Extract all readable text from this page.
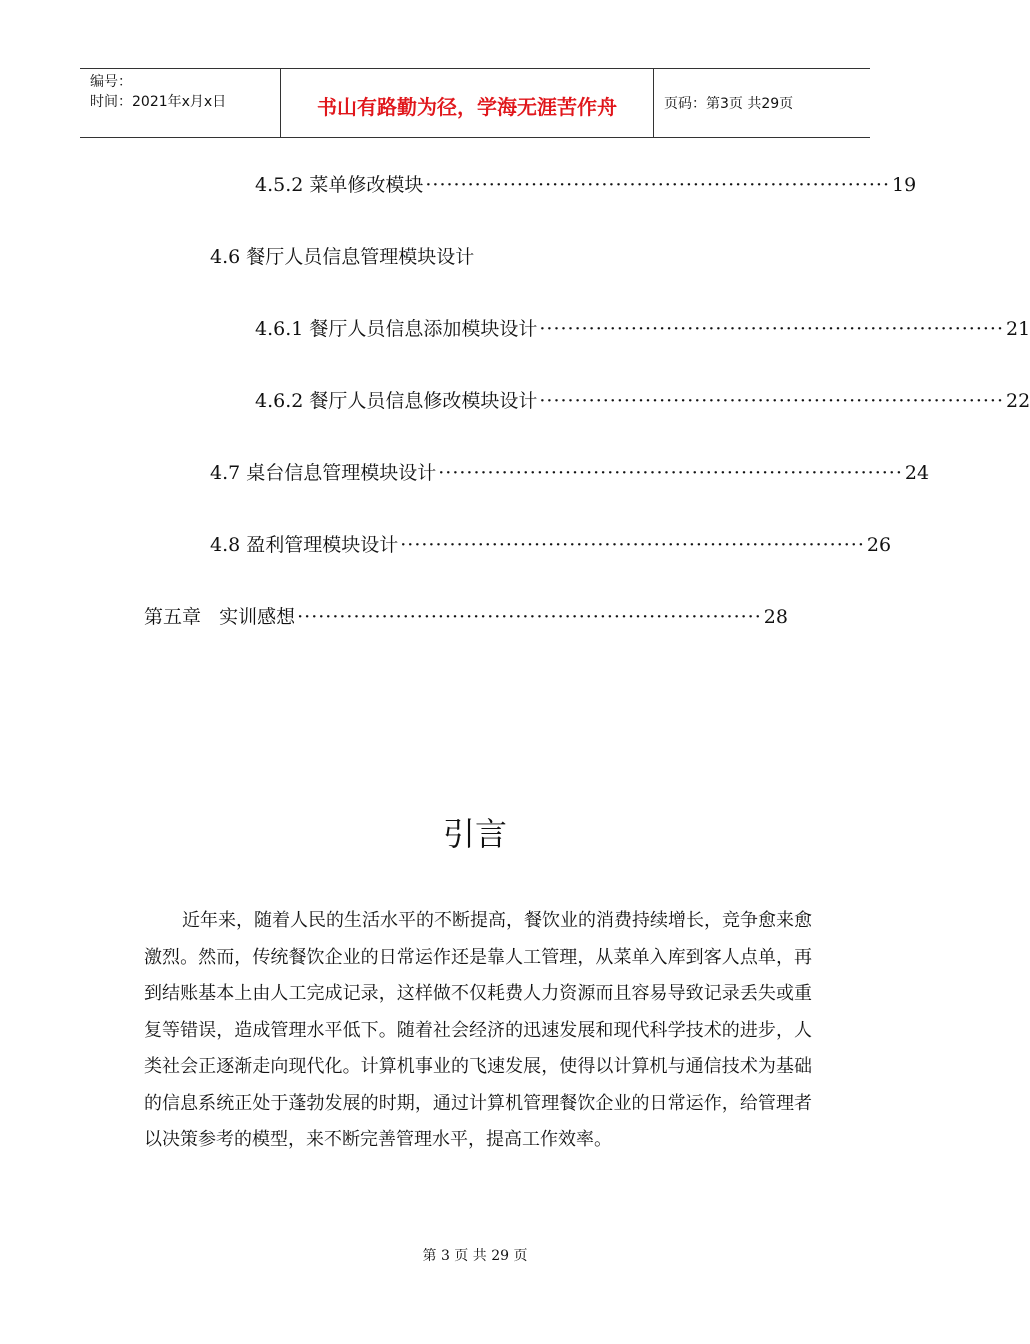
编号：
时间：2021年x月x日	书山有路勤为径，学海无涯苦作舟	页码：第3页 共29页
4.5.2 菜单修改模块 ·································································· 19
4.6 餐厅人员信息管理模块设计
4.6.1 餐厅人员信息添加模块设计 ·································································· 21
4.6.2 餐厅人员信息修改模块设计 ·································································· 22
4.7 桌台信息管理模块设计 ·································································· 24
4.8 盈利管理模块设计 ·································································· 26
第五章   实训感想 ·································································· 28
引言
近年来，随着人民的生活水平的不断提高，餐饮业的消费持续增长，竞争愈来愈激烈。然而，传统餐饮企业的日常运作还是靠人工管理，从菜单入库到客人点单，再到结账基本上由人工完成记录，这样做不仅耗费人力资源而且容易导致记录丢失或重复等错误，造成管理水平低下。随着社会经济的迅速发展和现代科学技术的进步，人类社会正逐渐走向现代化。计算机事业的飞速发展，使得以计算机与通信技术为基础的信息系统正处于蓬勃发展的时期，通过计算机管理餐饮企业的日常运作，给管理者以决策参考的模型，来不断完善管理水平，提高工作效率。
第 3 页 共 29 页
